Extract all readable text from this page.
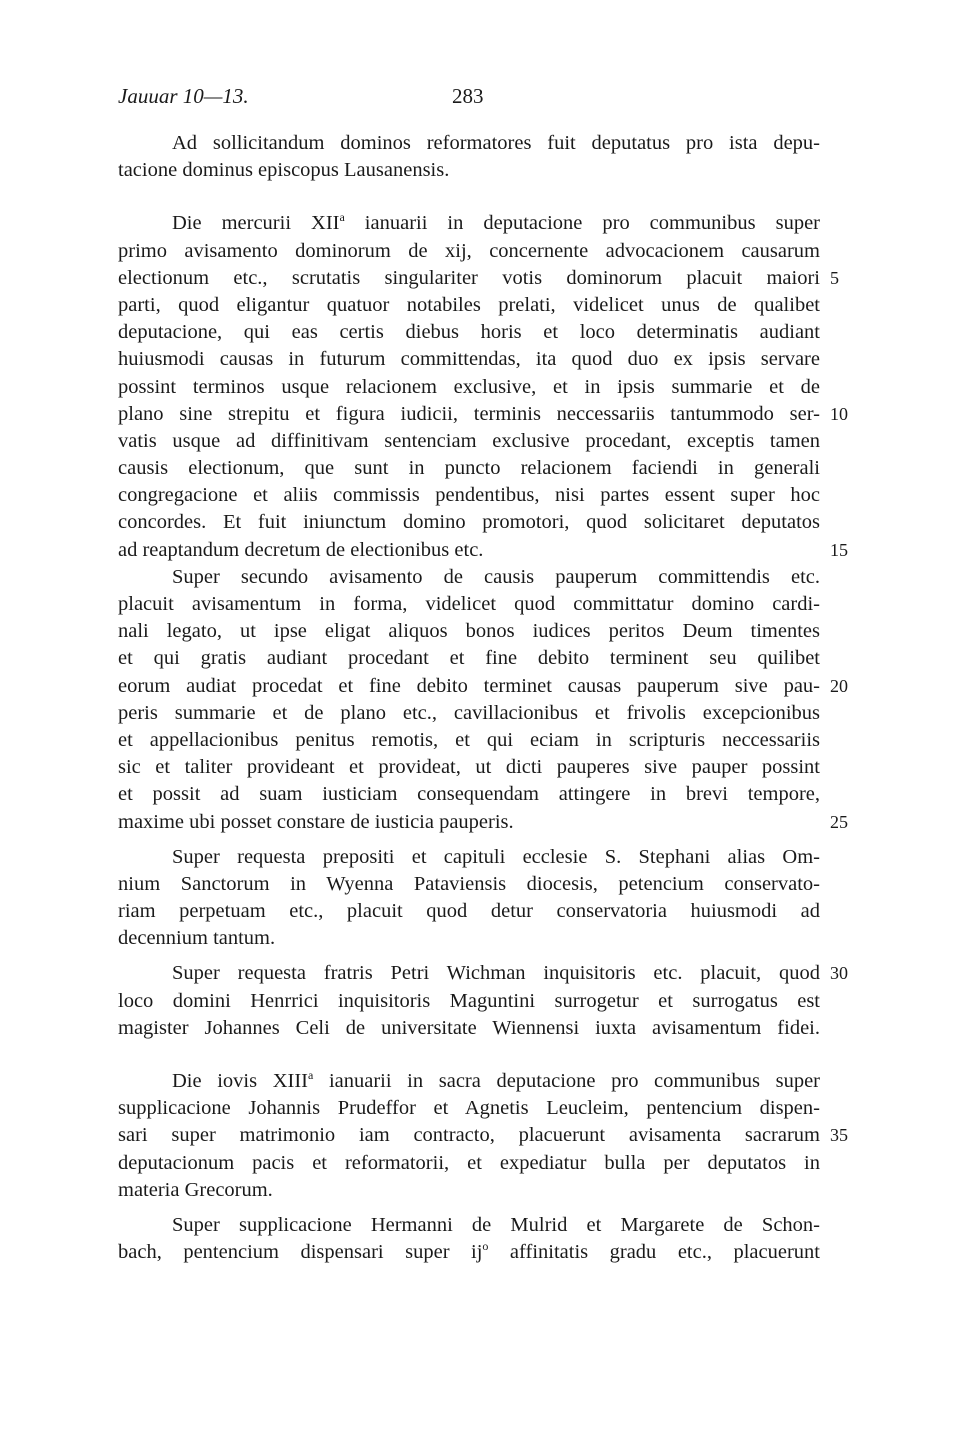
Jauuar 10—13.	283
Ad sollicitandum dominos reformatores fuit deputatus pro ista depu-
tacione dominus episcopus Lausanensis.
Die mercurii XII$^a$ ianuarii in deputacione pro communibus super
primo avisamento dominorum de xij, concernente advocacionem causarum
electionum etc., scrutatis singulariter votis dominorum placuit maiori 5
parti, quod eligantur quatuor notabiles prelati, videlicet unus de qualibet
deputacione, qui eas certis diebus horis et loco determinatis audiant
huiusmodi causas in futurum committendas, ita quod duo ex ipsis servare
possint terminos usque relacionem exclusive, et in ipsis summarie et de
plano sine strepitu et figura iudicii, terminis neccessariis tantummodo ser- 10
vatis usque ad diffinitivam sentenciam exclusive procedant, exceptis tamen
causis electionum, que sunt in puncto relacionem faciendi in generali
congregacione et aliis commissis pendentibus, nisi partes essent super hoc
concordes. Et fuit iniunctum domino promotori, quod solicitaret deputatos
ad reaptandum decretum de electionibus etc.	15
Super secundo avisamento de causis pauperum committendis etc.
placuit avisamentum in forma, videlicet quod committatur domino cardi-
nali legato, ut ipse eligat aliquos bonos iudices peritos Deum timentes
et qui gratis audiant procedant et fine debito terminent seu quilibet
eorum audiat procedat et fine debito terminet causas pauperum sive pau- 20
peris summarie et de plano etc., cavillacionibus et frivolis excepcionibus
et appellacionibus penitus remotis, et qui eciam in scripturis neccessariis
sic et taliter provideant et provideat, ut dicti pauperes sive pauper possint
et possit ad suam iusticiam consequendam attingere in brevi tempore,
maxime ubi posset constare de iusticia pauperis.	25
Super requesta prepositi et capituli ecclesie S. Stephani alias Om-
nium Sanctorum in Wyenna Pataviensis diocesis, petencium conservato-
riam perpetuam etc., placuit quod detur conservatoria huiusmodi ad
decennium tantum.
Super requesta fratris Petri Wichman inquisitoris etc. placuit, quod 30
loco domini Henrrici inquisitoris Maguntini surrogetur et surrogatus est
magister Johannes Celi de universitate Wiennensi iuxta avisamentum fidei.
Die iovis XIII$^a$ ianuarii in sacra deputacione pro communibus super
supplicacione Johannis Prudeffor et Agnetis Leucleim, pentencium dispen-
sari super matrimonio iam contracto, placuerunt avisamenta sacrarum 35
deputacionum pacis et reformatorii, et expediatur bulla per deputatos in
materia Grecorum.
Super supplicacione Hermanni de Mulrid et Margarete de Schon-
bach, pentencium dispensari super $ij^o$ affinitatis gradu etc., placuerunt
